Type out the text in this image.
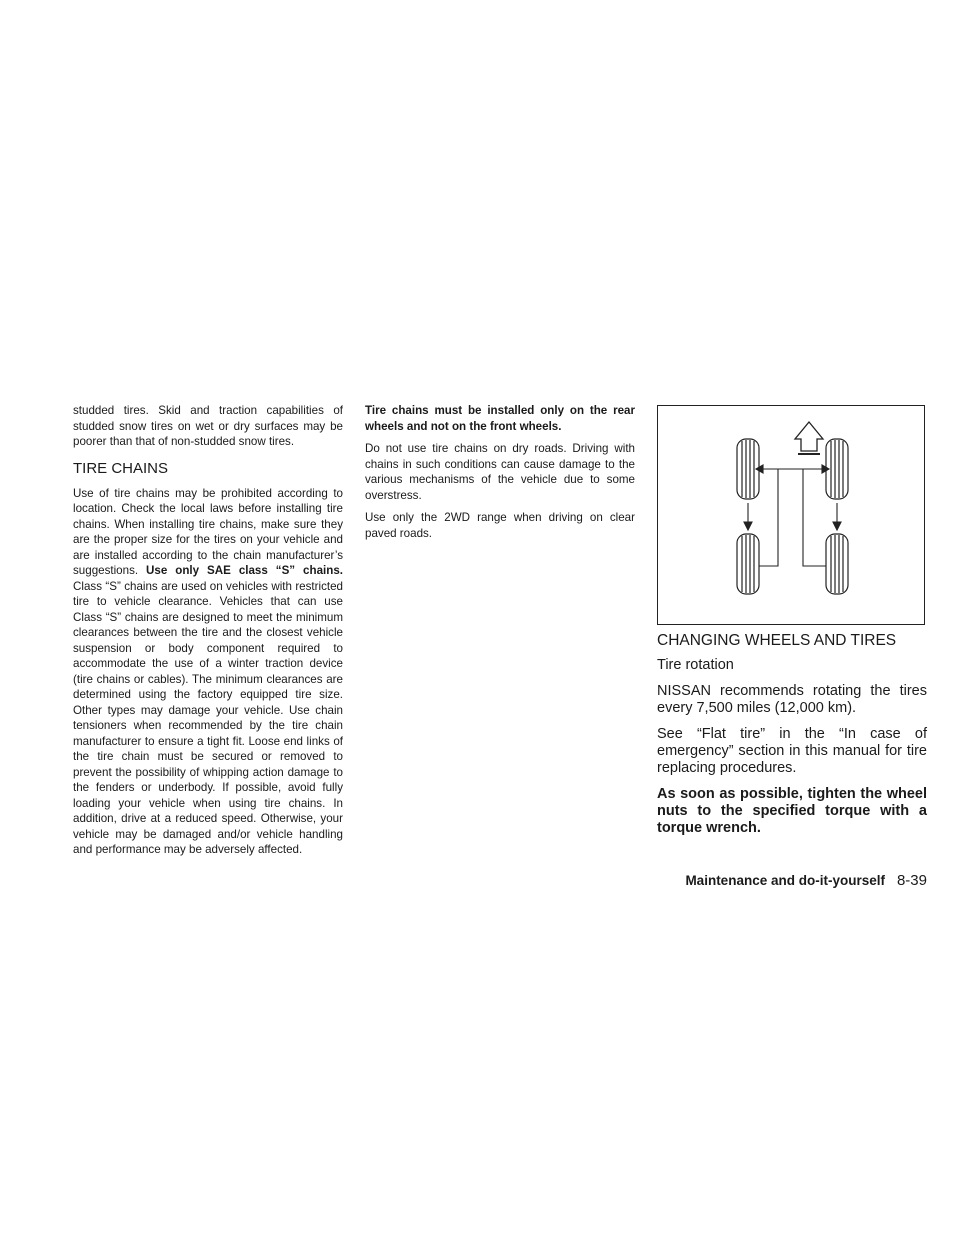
studded tires. Skid and traction capabilities of studded snow tires on wet or dry surfaces may be poorer than that of non-studded snow tires.

TIRE CHAINS

Use of tire chains may be prohibited according to location. Check the local laws before installing tire chains. When installing tire chains, make sure they are the proper size for the tires on your vehicle and are installed according to the chain manufacturer’s suggestions. Use only SAE class “S” chains. Class “S” chains are used on vehicles with restricted tire to vehicle clearance. Vehicles that can use Class “S” chains are designed to meet the minimum clearances between the tire and the closest vehicle suspension or body component required to accommodate the use of a winter traction device (tire chains or cables). The minimum clearances are determined using the factory equipped tire size. Other types may damage your vehicle. Use chain tensioners when recommended by the tire chain manufacturer to ensure a tight fit. Loose end links of the tire chain must be secured or removed to prevent the possibility of whipping action damage to the fenders or underbody. If possible, avoid fully loading your vehicle when using tire chains. In addition, drive at a reduced speed. Otherwise, your vehicle may be damaged and/or vehicle handling and performance may be adversely affected.

Tire chains must be installed only on the rear wheels and not on the front wheels.

Do not use tire chains on dry roads. Driving with chains in such conditions can cause damage to the various mechanisms of the vehicle due to some overstress.

Use only the 2WD range when driving on clear paved roads.

CHANGING WHEELS AND TIRES

Tire rotation

NISSAN recommends rotating the tires every 7,500 miles (12,000 km).

See “Flat tire” in the “In case of emergency” section in this manual for tire replacing procedures.

As soon as possible, tighten the wheel nuts to the specified torque with a torque wrench.

Maintenance and do-it-yourself 8-39
